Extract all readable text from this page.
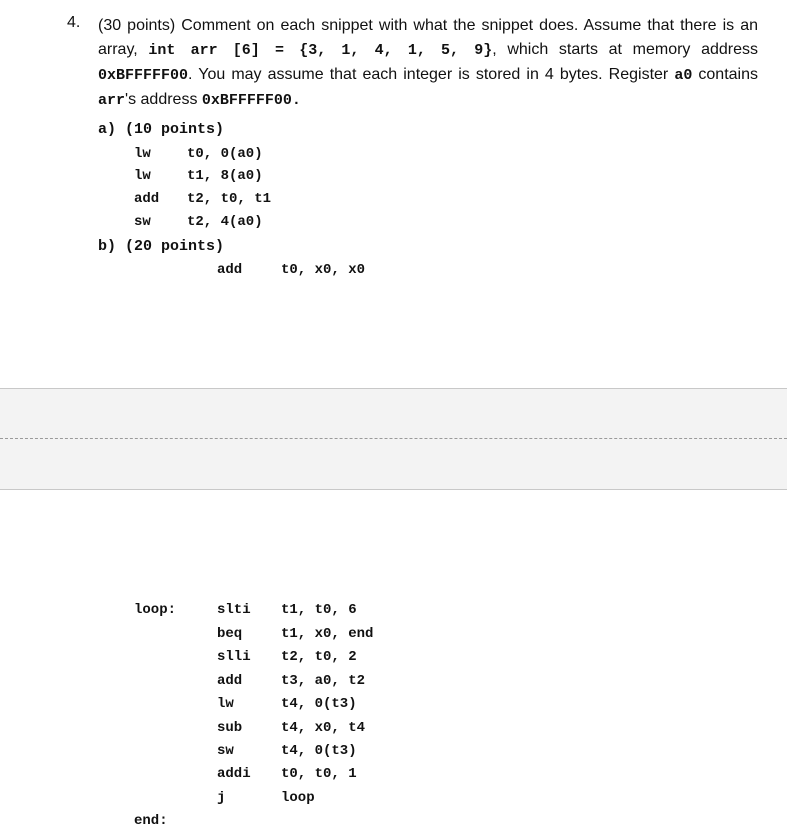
4. (30 points) Comment on each snippet with what the snippet does. Assume that there is an array, int arr [6] = {3, 1, 4, 1, 5, 9}, which starts at memory address 0xBFFFFF00. You may assume that each integer is stored in 4 bytes. Register a0 contains arr's address 0xBFFFFF00.

a) (10 points)
lw	t0, 0(a0)
lw	t1, 8(a0)
add t2, t0, t1
sw	t2, 4(a0)
b) (20 points)
add	t0, x0, x0
loop:	slti t1, t0, 6
beq	t1, x0, end
slli t2, t0, 2
add	t3, a0, t2
lw	t4, 0(t3)
sub	t4, x0, t4
sw	t4, 0(t3)
addi t0, t0, 1
j	loop
end:
